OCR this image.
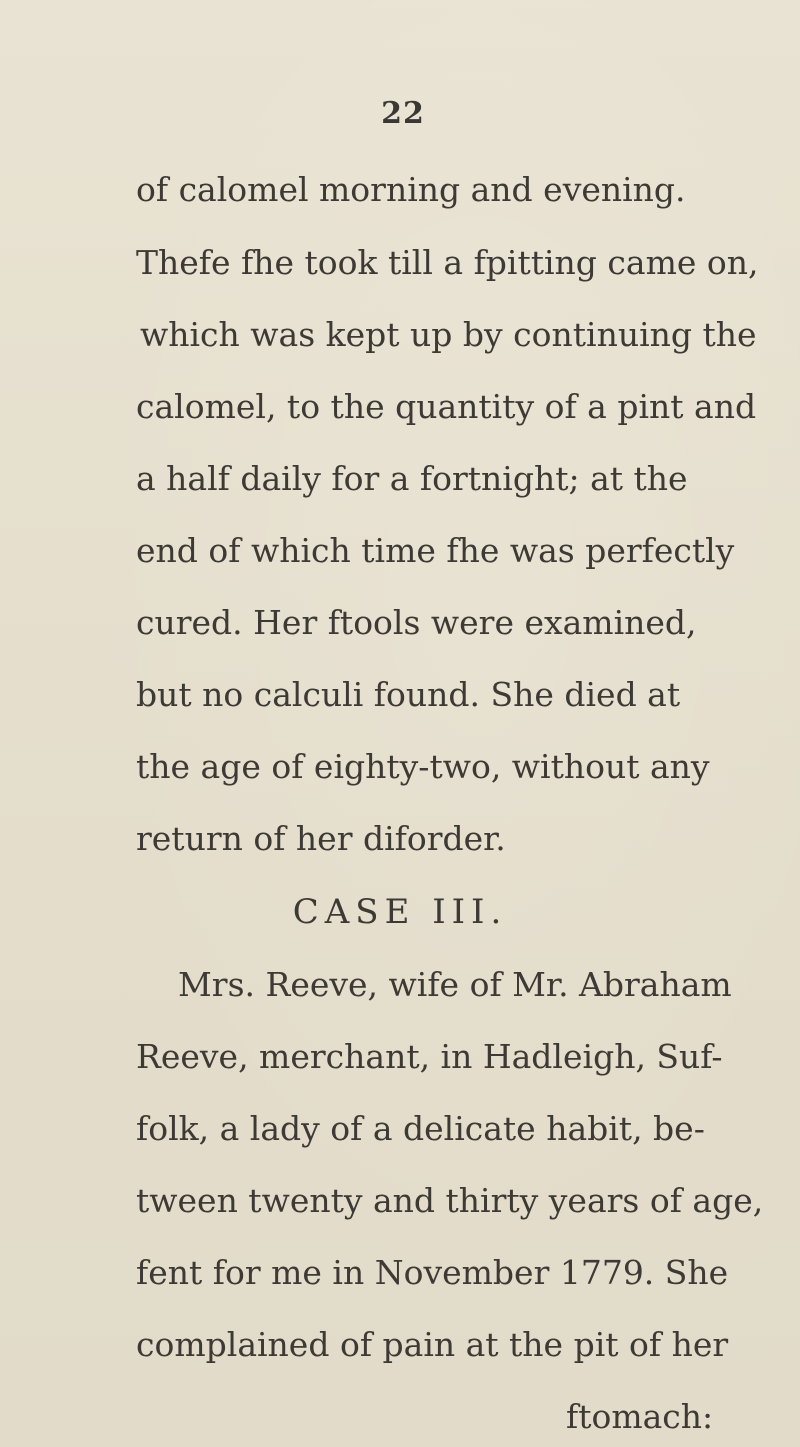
22
of calomel morning and evening.
Thefe fhe took till a fpitting came on,
which was kept up by continuing the
calomel, to the quantity of a pint and
a half daily for a fortnight; at the
end of which time fhe was perfectly
cured. Her ftools were examined,
but no calculi found. She died at
the age of eighty-two, without any
return of her diforder.
CASE III.
Mrs. Reeve, wife of Mr. Abraham
Reeve, merchant, in Hadleigh, Suf-
folk, a lady of a delicate habit, be-
tween twenty and thirty years of age,
fent for me in November 1779. She
complained of pain at the pit of her
ftomach:
